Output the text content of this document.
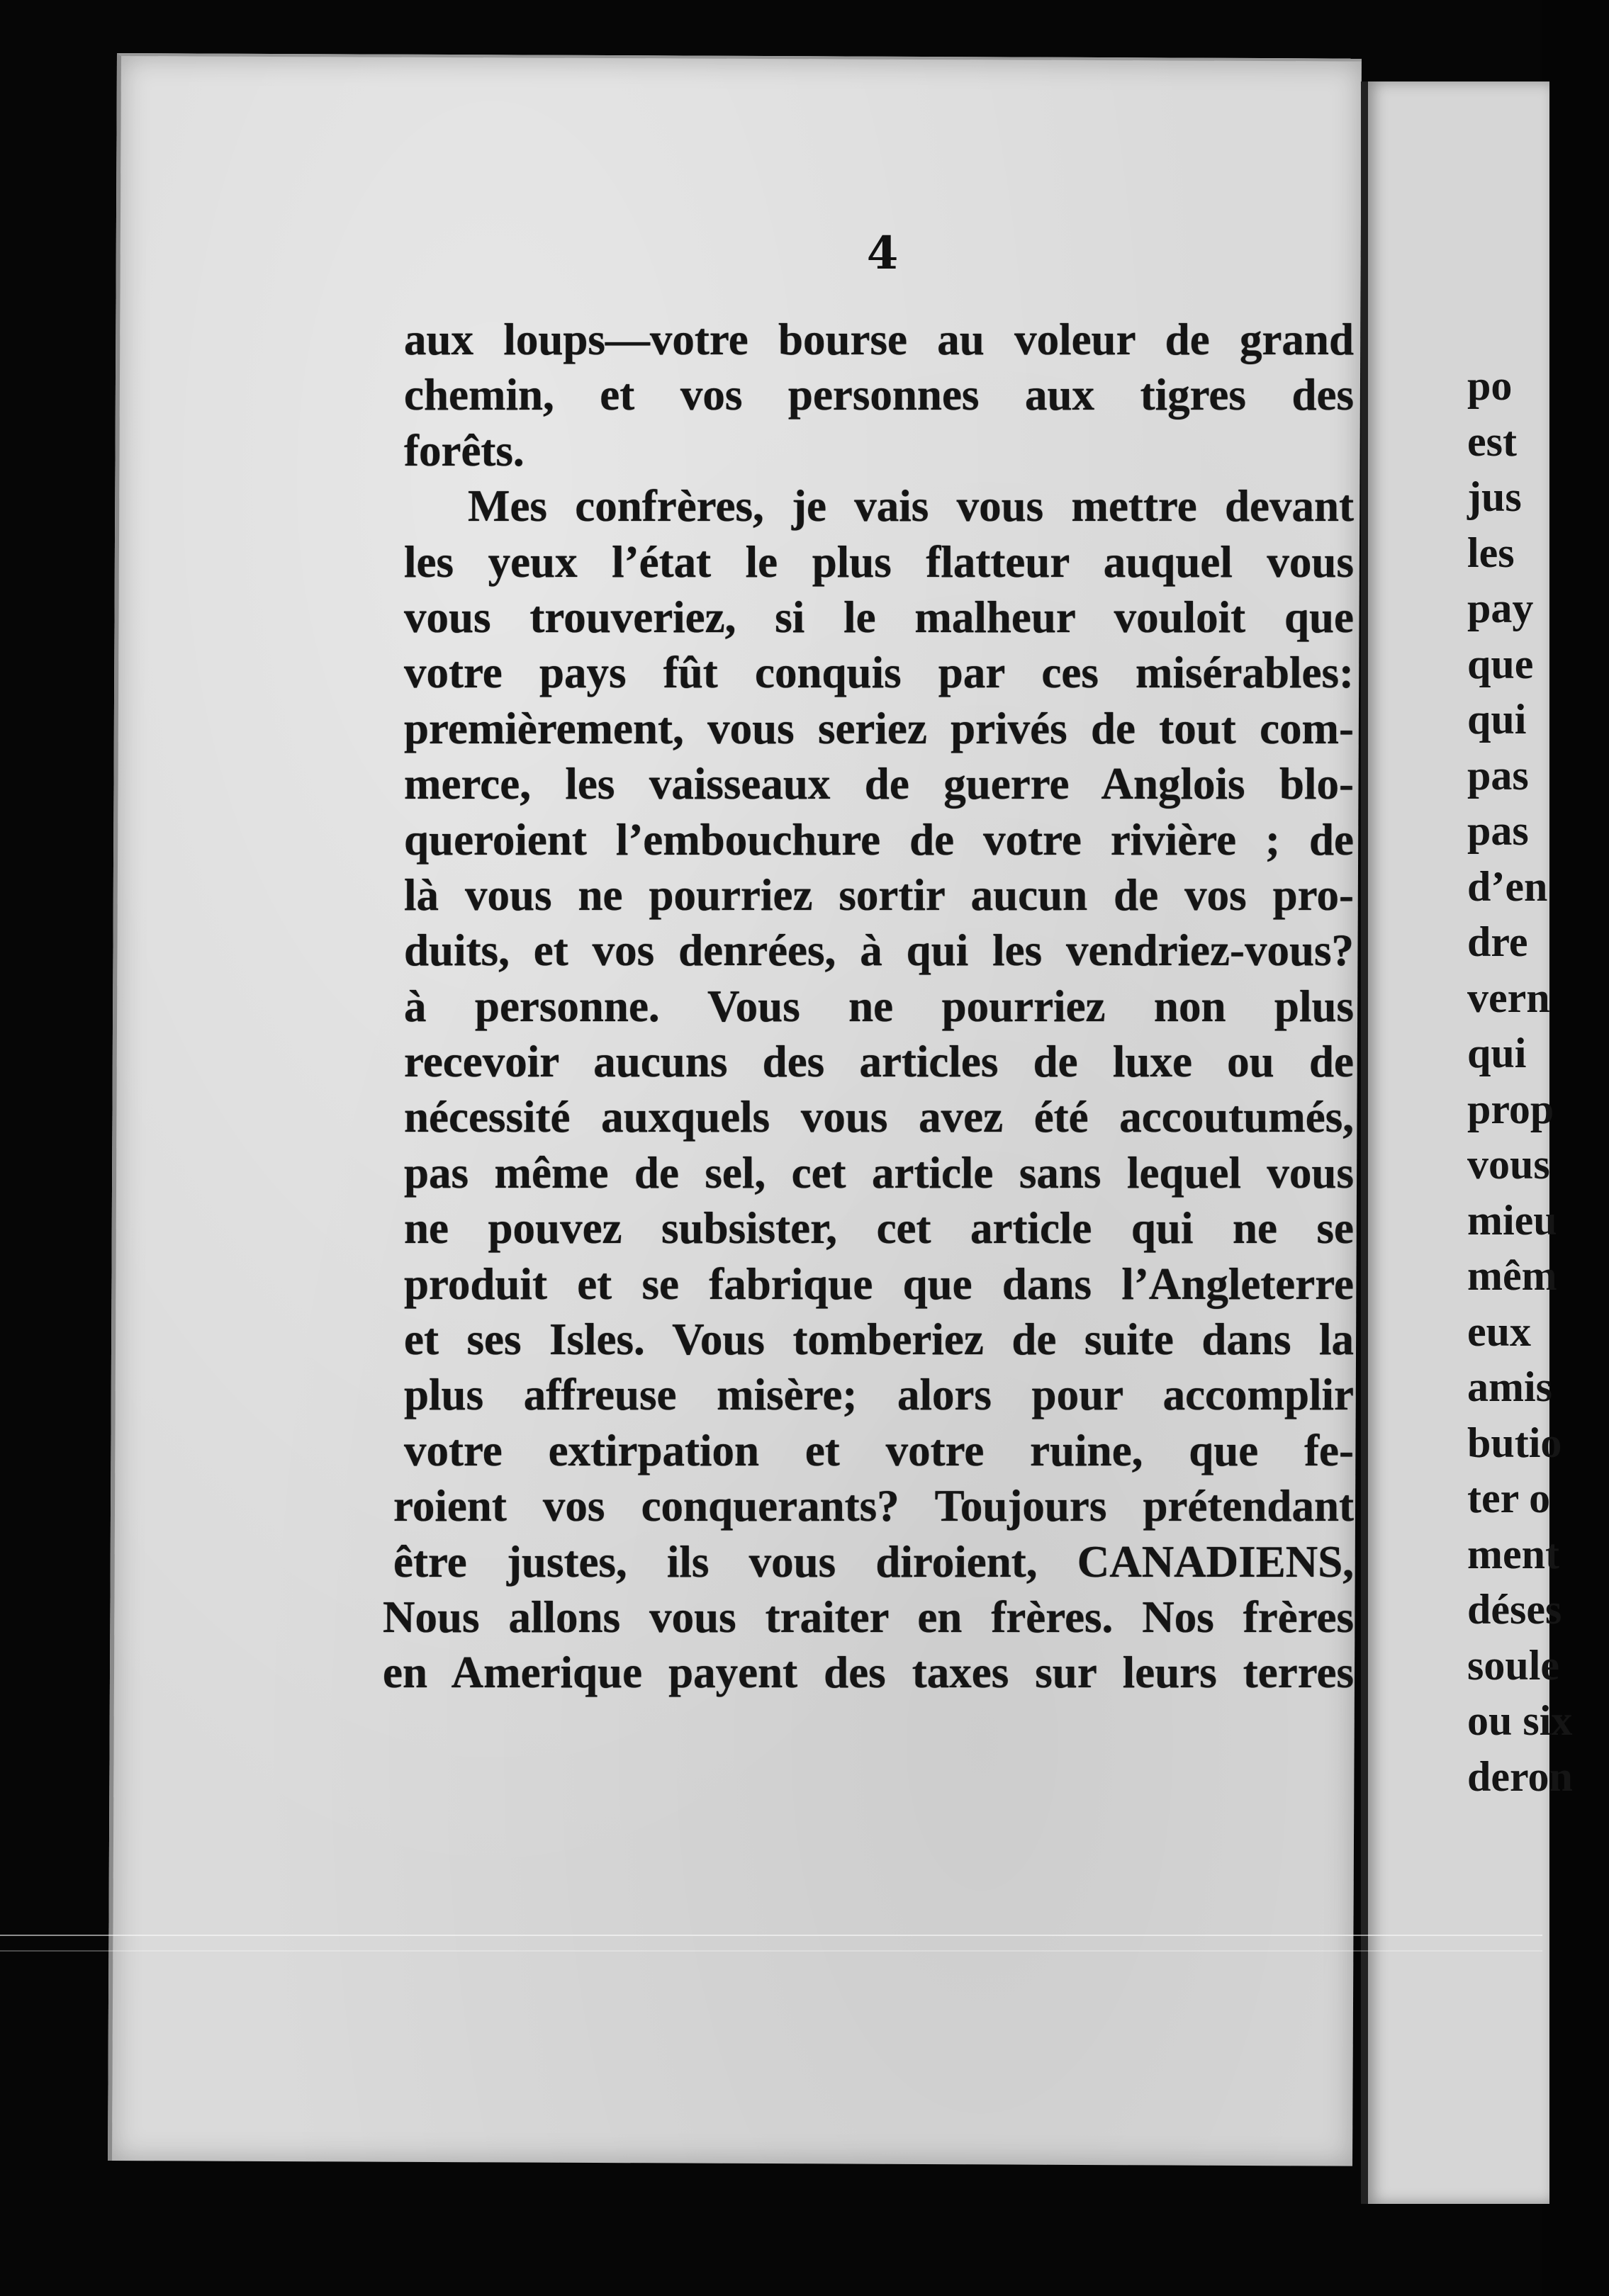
4
aux loups—votre bourse au voleur de grand
chemin, et vos personnes aux tigres des
forêts.
Mes confrères, je vais vous mettre devant
les yeux l’état le plus flatteur auquel vous
vous trouveriez, si le malheur vouloit que
votre pays fût conquis par ces misérables:
premièrement, vous seriez privés de tout com-
merce, les vaisseaux de guerre Anglois blo-
queroient l’embouchure de votre rivière ; de
là vous ne pourriez sortir aucun de vos pro-
duits, et vos denrées, à qui les vendriez-vous?
à personne. Vous ne pourriez non plus
recevoir aucuns des articles de luxe ou de
nécessité auxquels vous avez été accoutumés,
pas même de sel, cet article sans lequel vous
ne pouvez subsister, cet article qui ne se
produit et se fabrique que dans l’Angleterre
et ses Isles. Vous tomberiez de suite dans la
plus affreuse misère; alors pour accomplir
votre extirpation et votre ruine, que fe-
roient vos conquerants? Toujours prétendant
être justes, ils vous diroient, CANADIENS,
Nous allons vous traiter en frères. Nos frères
en Amerique payent des taxes sur leurs terres
po
est
jus
les
pay
que
qui
pas
pas
d’en
dre
vern
qui
prop
vous
mieu
mêm
eux
amis
butio
ter o
ment
déses
soule
ou six
deron
